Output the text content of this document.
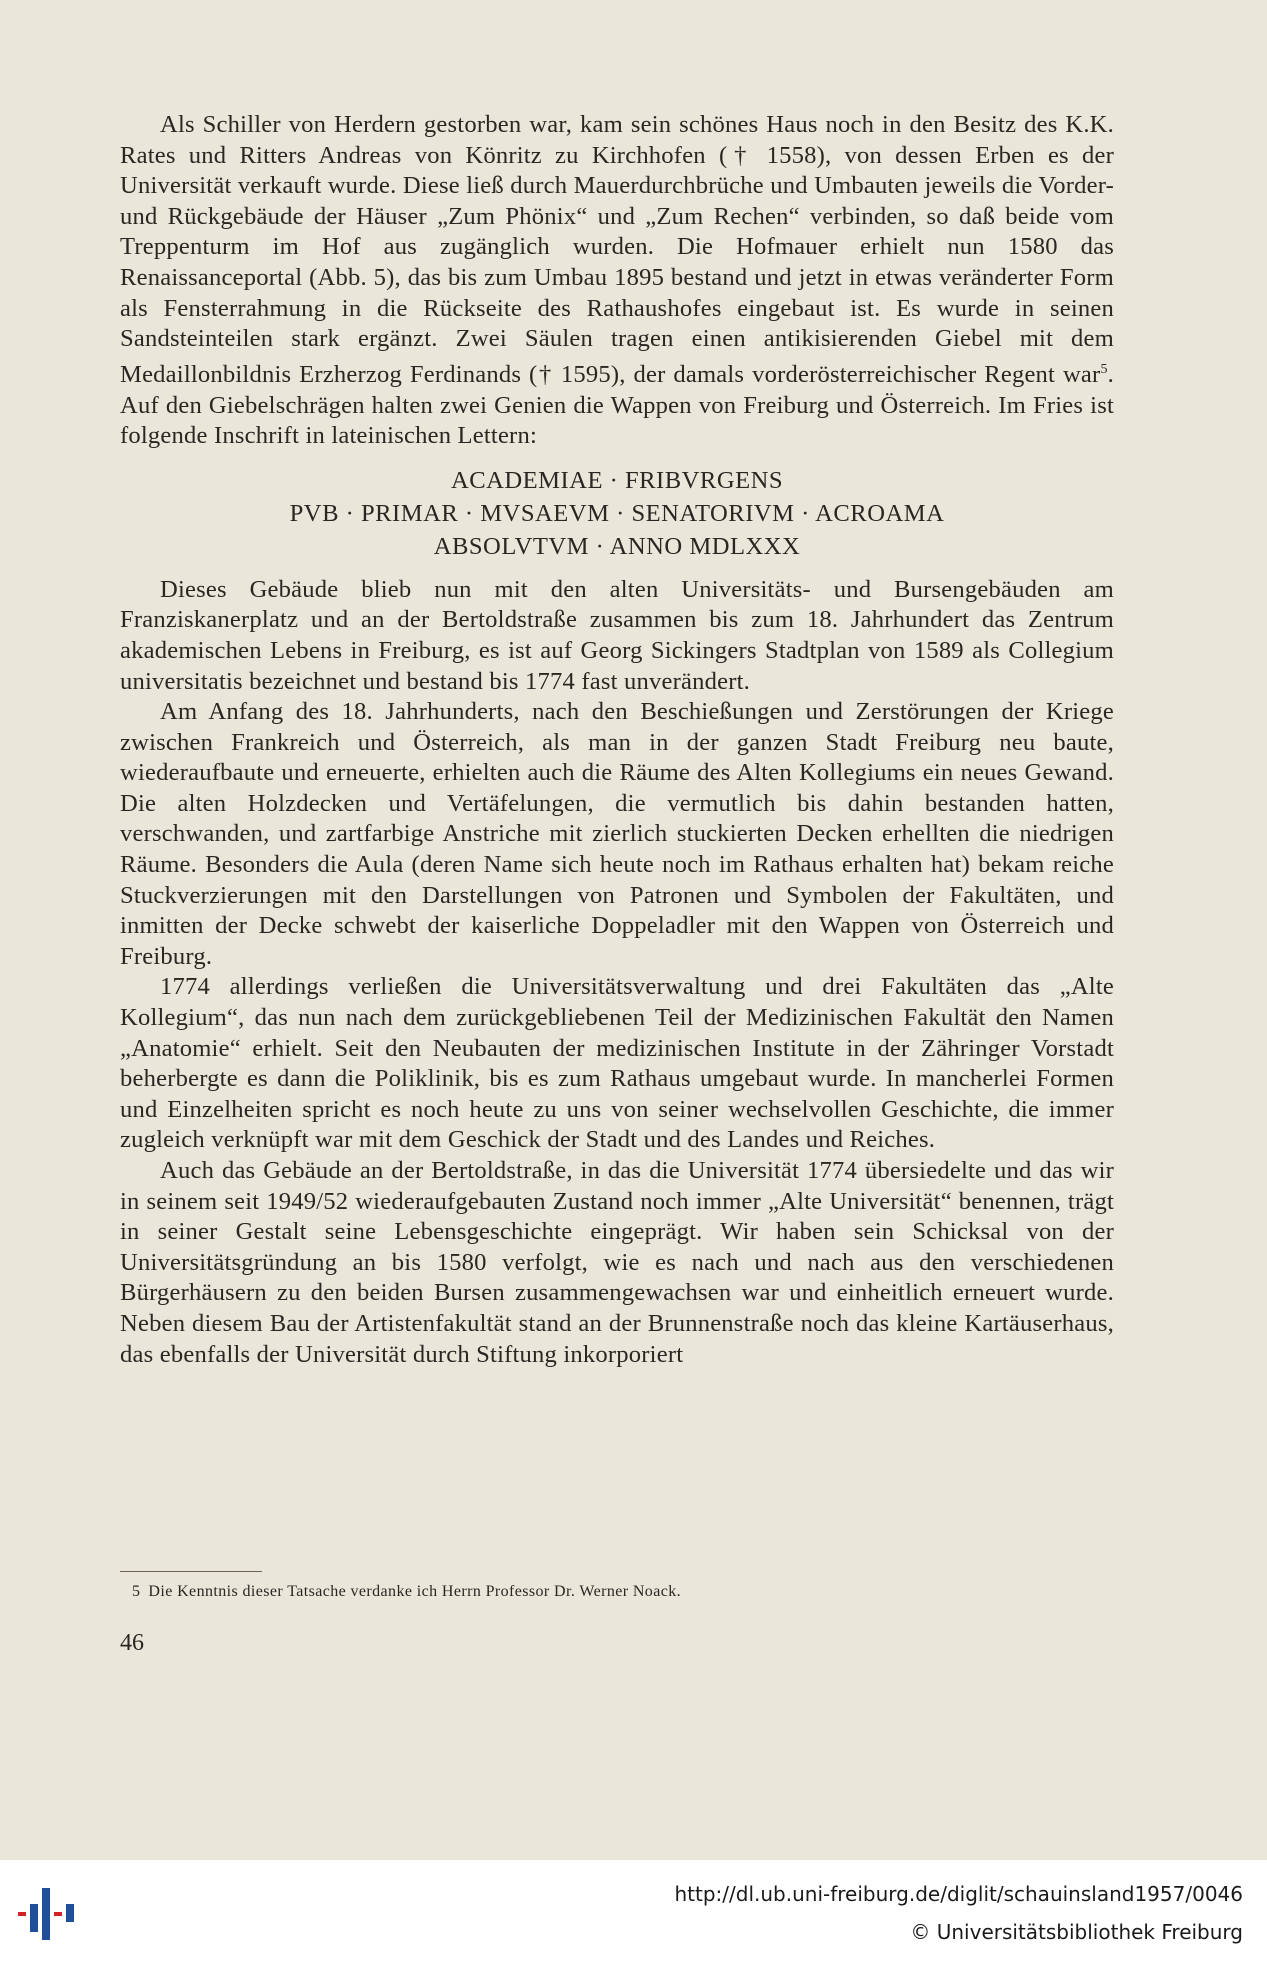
Als Schiller von Herdern gestorben war, kam sein schönes Haus noch in den Besitz des K.K. Rates und Ritters Andreas von Könritz zu Kirchhofen († 1558), von dessen Erben es der Universität verkauft wurde. Diese ließ durch Mauerdurchbrüche und Umbauten jeweils die Vorder- und Rückgebäude der Häuser „Zum Phönix“ und „Zum Rechen“ verbinden, so daß beide vom Treppenturm im Hof aus zugänglich wurden. Die Hofmauer erhielt nun 1580 das Renaissanceportal (Abb. 5), das bis zum Umbau 1895 bestand und jetzt in etwas veränderter Form als Fensterrahmung in die Rückseite des Rathaushofes eingebaut ist. Es wurde in seinen Sandsteinteilen stark ergänzt. Zwei Säulen tragen einen antikisierenden Giebel mit dem Medaillonbildnis Erzherzog Ferdinands († 1595), der damals vorderösterreichischer Regent war$^5$. Auf den Giebelschrägen halten zwei Genien die Wappen von Freiburg und Österreich. Im Fries ist folgende Inschrift in lateinischen Lettern:

ACADEMIAE · FRIBVRGENS
PVB · PRIMAR · MVSAEVM · SENATORIVM · ACROAMA
ABSOLVTVM · ANNO MDLXXX

Dieses Gebäude blieb nun mit den alten Universitäts- und Bursengebäuden am Franziskanerplatz und an der Bertoldstraße zusammen bis zum 18. Jahrhundert das Zentrum akademischen Lebens in Freiburg, es ist auf Georg Sickingers Stadtplan von 1589 als Collegium universitatis bezeichnet und bestand bis 1774 fast unverändert.

Am Anfang des 18. Jahrhunderts, nach den Beschießungen und Zerstörungen der Kriege zwischen Frankreich und Österreich, als man in der ganzen Stadt Freiburg neu baute, wiederaufbaute und erneuerte, erhielten auch die Räume des Alten Kollegiums ein neues Gewand. Die alten Holzdecken und Vertäfelungen, die vermutlich bis dahin bestanden hatten, verschwanden, und zartfarbige Anstriche mit zierlich stuckierten Decken erhellten die niedrigen Räume. Besonders die Aula (deren Name sich heute noch im Rathaus erhalten hat) bekam reiche Stuckverzierungen mit den Darstellungen von Patronen und Symbolen der Fakultäten, und inmitten der Decke schwebt der kaiserliche Doppeladler mit den Wappen von Österreich und Freiburg.

1774 allerdings verließen die Universitätsverwaltung und drei Fakultäten das „Alte Kollegium“, das nun nach dem zurückgebliebenen Teil der Medizinischen Fakultät den Namen „Anatomie“ erhielt. Seit den Neubauten der medizinischen Institute in der Zähringer Vorstadt beherbergte es dann die Poliklinik, bis es zum Rathaus umgebaut wurde. In mancherlei Formen und Einzelheiten spricht es noch heute zu uns von seiner wechselvollen Geschichte, die immer zugleich verknüpft war mit dem Geschick der Stadt und des Landes und Reiches.

Auch das Gebäude an der Bertoldstraße, in das die Universität 1774 übersiedelte und das wir in seinem seit 1949/52 wiederaufgebauten Zustand noch immer „Alte Universität“ benennen, trägt in seiner Gestalt seine Lebensgeschichte eingeprägt. Wir haben sein Schicksal von der Universitätsgründung an bis 1580 verfolgt, wie es nach und nach aus den verschiedenen Bürgerhäusern zu den beiden Bursen zusammengewachsen war und einheitlich erneuert wurde. Neben diesem Bau der Artistenfakultät stand an der Brunnenstraße noch das kleine Kartäuserhaus, das ebenfalls der Universität durch Stiftung inkorporiert

5 Die Kenntnis dieser Tatsache verdanke ich Herrn Professor Dr. Werner Noack.
46
http://dl.ub.uni-freiburg.de/diglit/schauinsland1957/0046
© Universitätsbibliothek Freiburg
